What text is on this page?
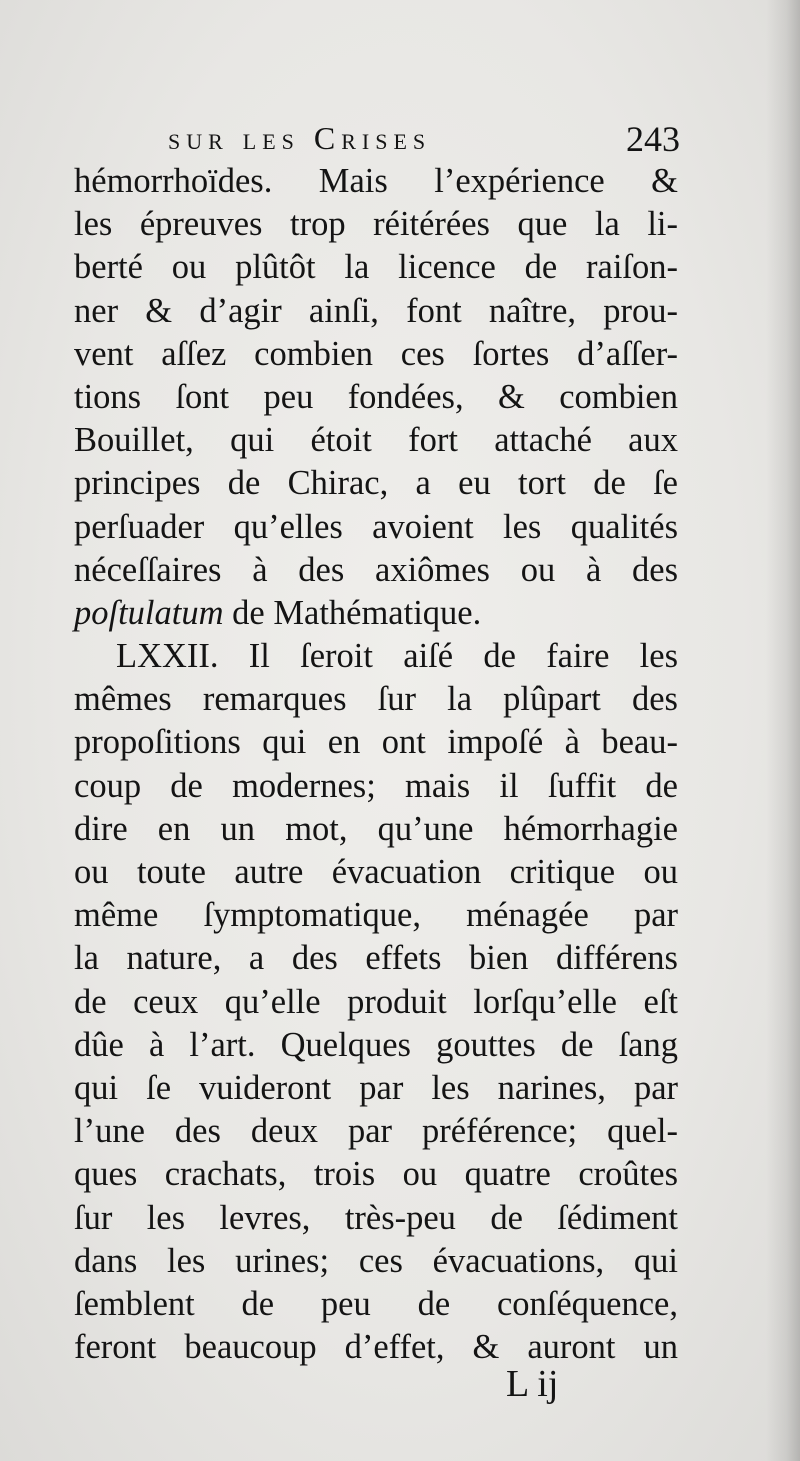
sur les Crises	243
hémorrhoïdes. Mais l’expérience &
les épreuves trop réitérées que la li-
berté ou plûtôt la licence de raiſon-
ner & d’agir ainſi, font naître, prou-
vent aſſez combien ces ſortes d’aſſer-
tions ſont peu fondées, & combien
Bouillet, qui étoit fort attaché aux
principes de Chirac, a eu tort de ſe
perſuader qu’elles avoient les qualités
néceſſaires à des axiômes ou à des
poſtulatum de Mathématique.
LXXII. Il ſeroit aiſé de faire les
mêmes remarques ſur la plûpart des
propoſitions qui en ont impoſé à beau-
coup de modernes; mais il ſuffit de
dire en un mot, qu’une hémorrhagie
ou toute autre évacuation critique ou
même ſymptomatique, ménagée par
la nature, a des effets bien différens
de ceux qu’elle produit lorſqu’elle eſt
dûe à l’art. Quelques gouttes de ſang
qui ſe vuideront par les narines, par
l’une des deux par préférence; quel-
ques crachats, trois ou quatre croûtes
ſur les levres, très-peu de ſédiment
dans les urines; ces évacuations, qui
ſemblent de peu de conſéquence,
feront beaucoup d’effet, & auront un
L ij
